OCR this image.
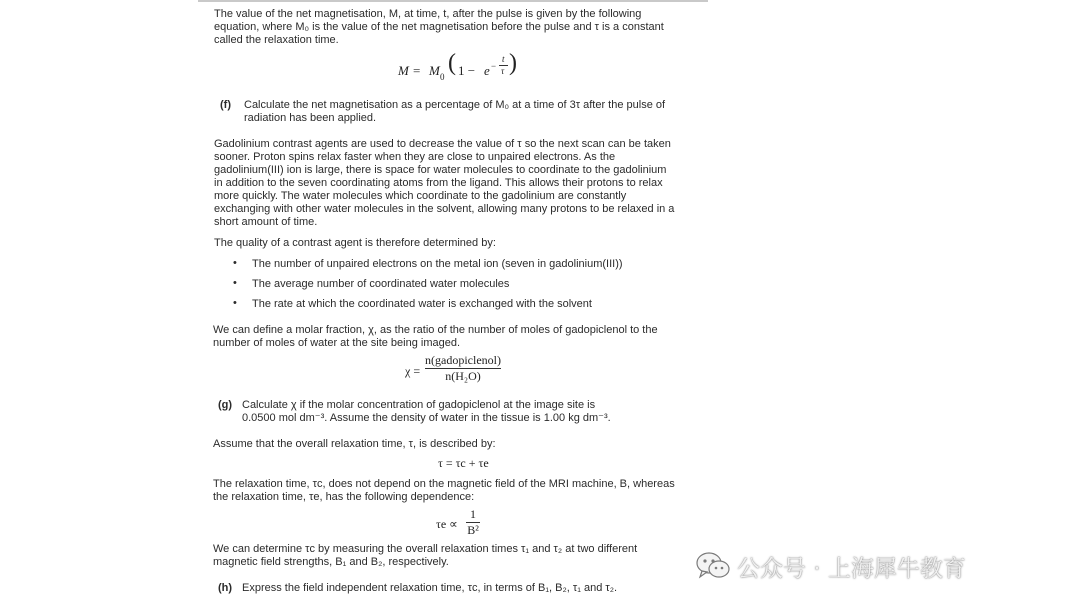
The value of the net magnetisation, M, at time, t, after the pulse is given by the following
equation, where M₀ is the value of the net magnetisation before the pulse and τ is a constant
called the relaxation time.
M = M 0
( 1 − e −
t
τ )
(f) Calculate the net magnetisation as a percentage of M₀ at a time of 3τ after the pulse of
radiation has been applied.
Gadolinium contrast agents are used to decrease the value of τ so the next scan can be taken
sooner. Proton spins relax faster when they are close to unpaired electrons. As the
gadolinium(III) ion is large, there is space for water molecules to coordinate to the gadolinium
in addition to the seven coordinating atoms from the ligand. This allows their protons to relax
more quickly. The water molecules which coordinate to the gadolinium are constantly
exchanging with other water molecules in the solvent, allowing many protons to be relaxed in a
short amount of time.
The quality of a contrast agent is therefore determined by:
• The number of unpaired electrons on the metal ion (seven in gadolinium(III))
• The average number of coordinated water molecules
• The rate at which the coordinated water is exchanged with the solvent
We can define a molar fraction, χ, as the ratio of the number of moles of gadopiclenol to the
number of moles of water at the site being imaged.
χ =
n(gadopiclenol)
n(H₂O)
(g) Calculate χ if the molar concentration of gadopiclenol at the image site is
0.0500 mol dm⁻³. Assume the density of water in the tissue is 1.00 kg dm⁻³.
Assume that the overall relaxation time, τ, is described by:
τ = τc + τe
The relaxation time, τc, does not depend on the magnetic field of the MRI machine, B, whereas
the relaxation time, τe, has the following dependence:
τe ∝
1
B²
We can determine τc by measuring the overall relaxation times τ₁ and τ₂ at two different
magnetic field strengths, B₁ and B₂, respectively.
(h) Express the field independent relaxation time, τc, in terms of B₁, B₂, τ₁ and τ₂.
公众号 · 上海犀牛教育
